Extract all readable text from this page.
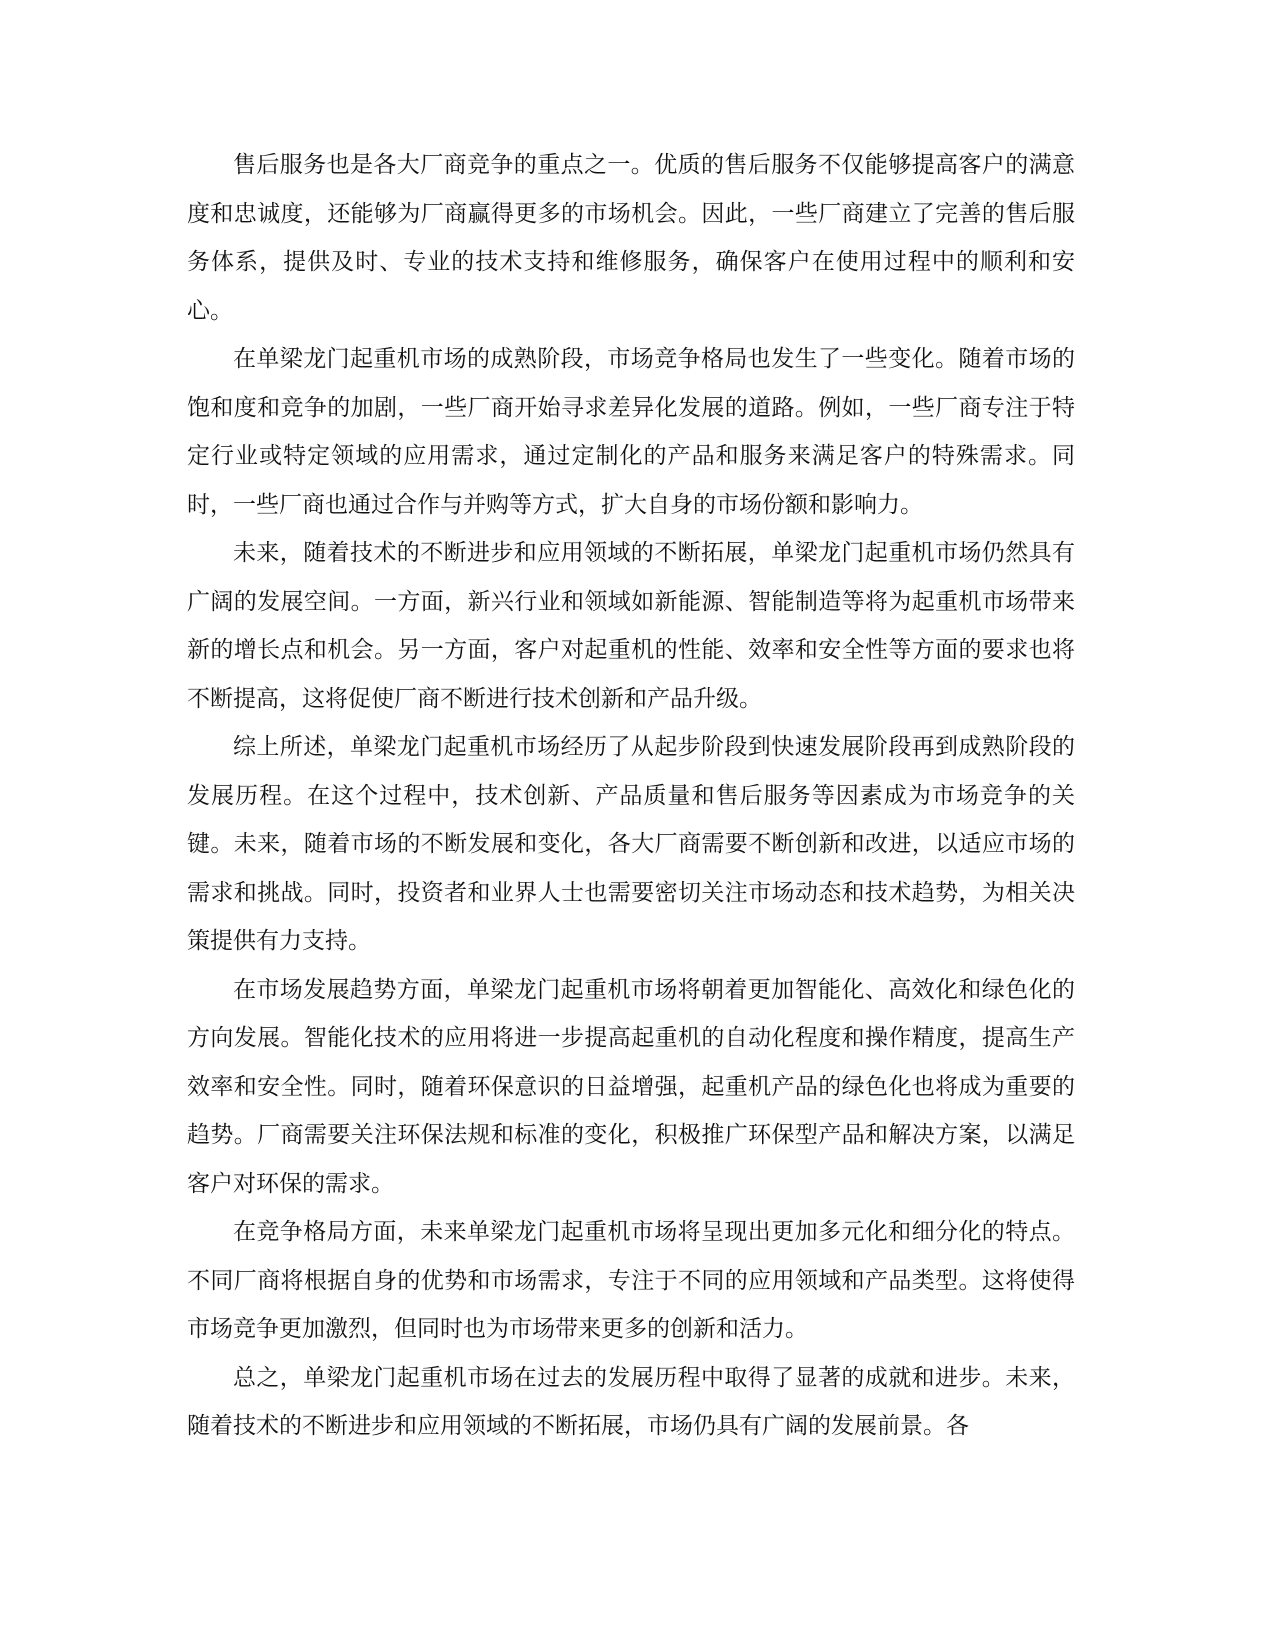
售后服务也是各大厂商竞争的重点之一。优质的售后服务不仅能够提高客户的满意度和忠诚度，还能够为厂商赢得更多的市场机会。因此，一些厂商建立了完善的售后服务体系，提供及时、专业的技术支持和维修服务，确保客户在使用过程中的顺利和安心。

在单梁龙门起重机市场的成熟阶段，市场竞争格局也发生了一些变化。随着市场的饱和度和竞争的加剧，一些厂商开始寻求差异化发展的道路。例如，一些厂商专注于特定行业或特定领域的应用需求，通过定制化的产品和服务来满足客户的特殊需求。同时，一些厂商也通过合作与并购等方式，扩大自身的市场份额和影响力。

未来，随着技术的不断进步和应用领域的不断拓展，单梁龙门起重机市场仍然具有广阔的发展空间。一方面，新兴行业和领域如新能源、智能制造等将为起重机市场带来新的增长点和机会。另一方面，客户对起重机的性能、效率和安全性等方面的要求也将不断提高，这将促使厂商不断进行技术创新和产品升级。

综上所述，单梁龙门起重机市场经历了从起步阶段到快速发展阶段再到成熟阶段的发展历程。在这个过程中，技术创新、产品质量和售后服务等因素成为市场竞争的关键。未来，随着市场的不断发展和变化，各大厂商需要不断创新和改进，以适应市场的需求和挑战。同时，投资者和业界人士也需要密切关注市场动态和技术趋势，为相关决策提供有力支持。

在市场发展趋势方面，单梁龙门起重机市场将朝着更加智能化、高效化和绿色化的方向发展。智能化技术的应用将进一步提高起重机的自动化程度和操作精度，提高生产效率和安全性。同时，随着环保意识的日益增强，起重机产品的绿色化也将成为重要的趋势。厂商需要关注环保法规和标准的变化，积极推广环保型产品和解决方案，以满足客户对环保的需求。

在竞争格局方面，未来单梁龙门起重机市场将呈现出更加多元化和细分化的特点。不同厂商将根据自身的优势和市场需求，专注于不同的应用领域和产品类型。这将使得市场竞争更加激烈，但同时也为市场带来更多的创新和活力。

总之，单梁龙门起重机市场在过去的发展历程中取得了显著的成就和进步。未来，随着技术的不断进步和应用领域的不断拓展，市场仍具有广阔的发展前景。各
